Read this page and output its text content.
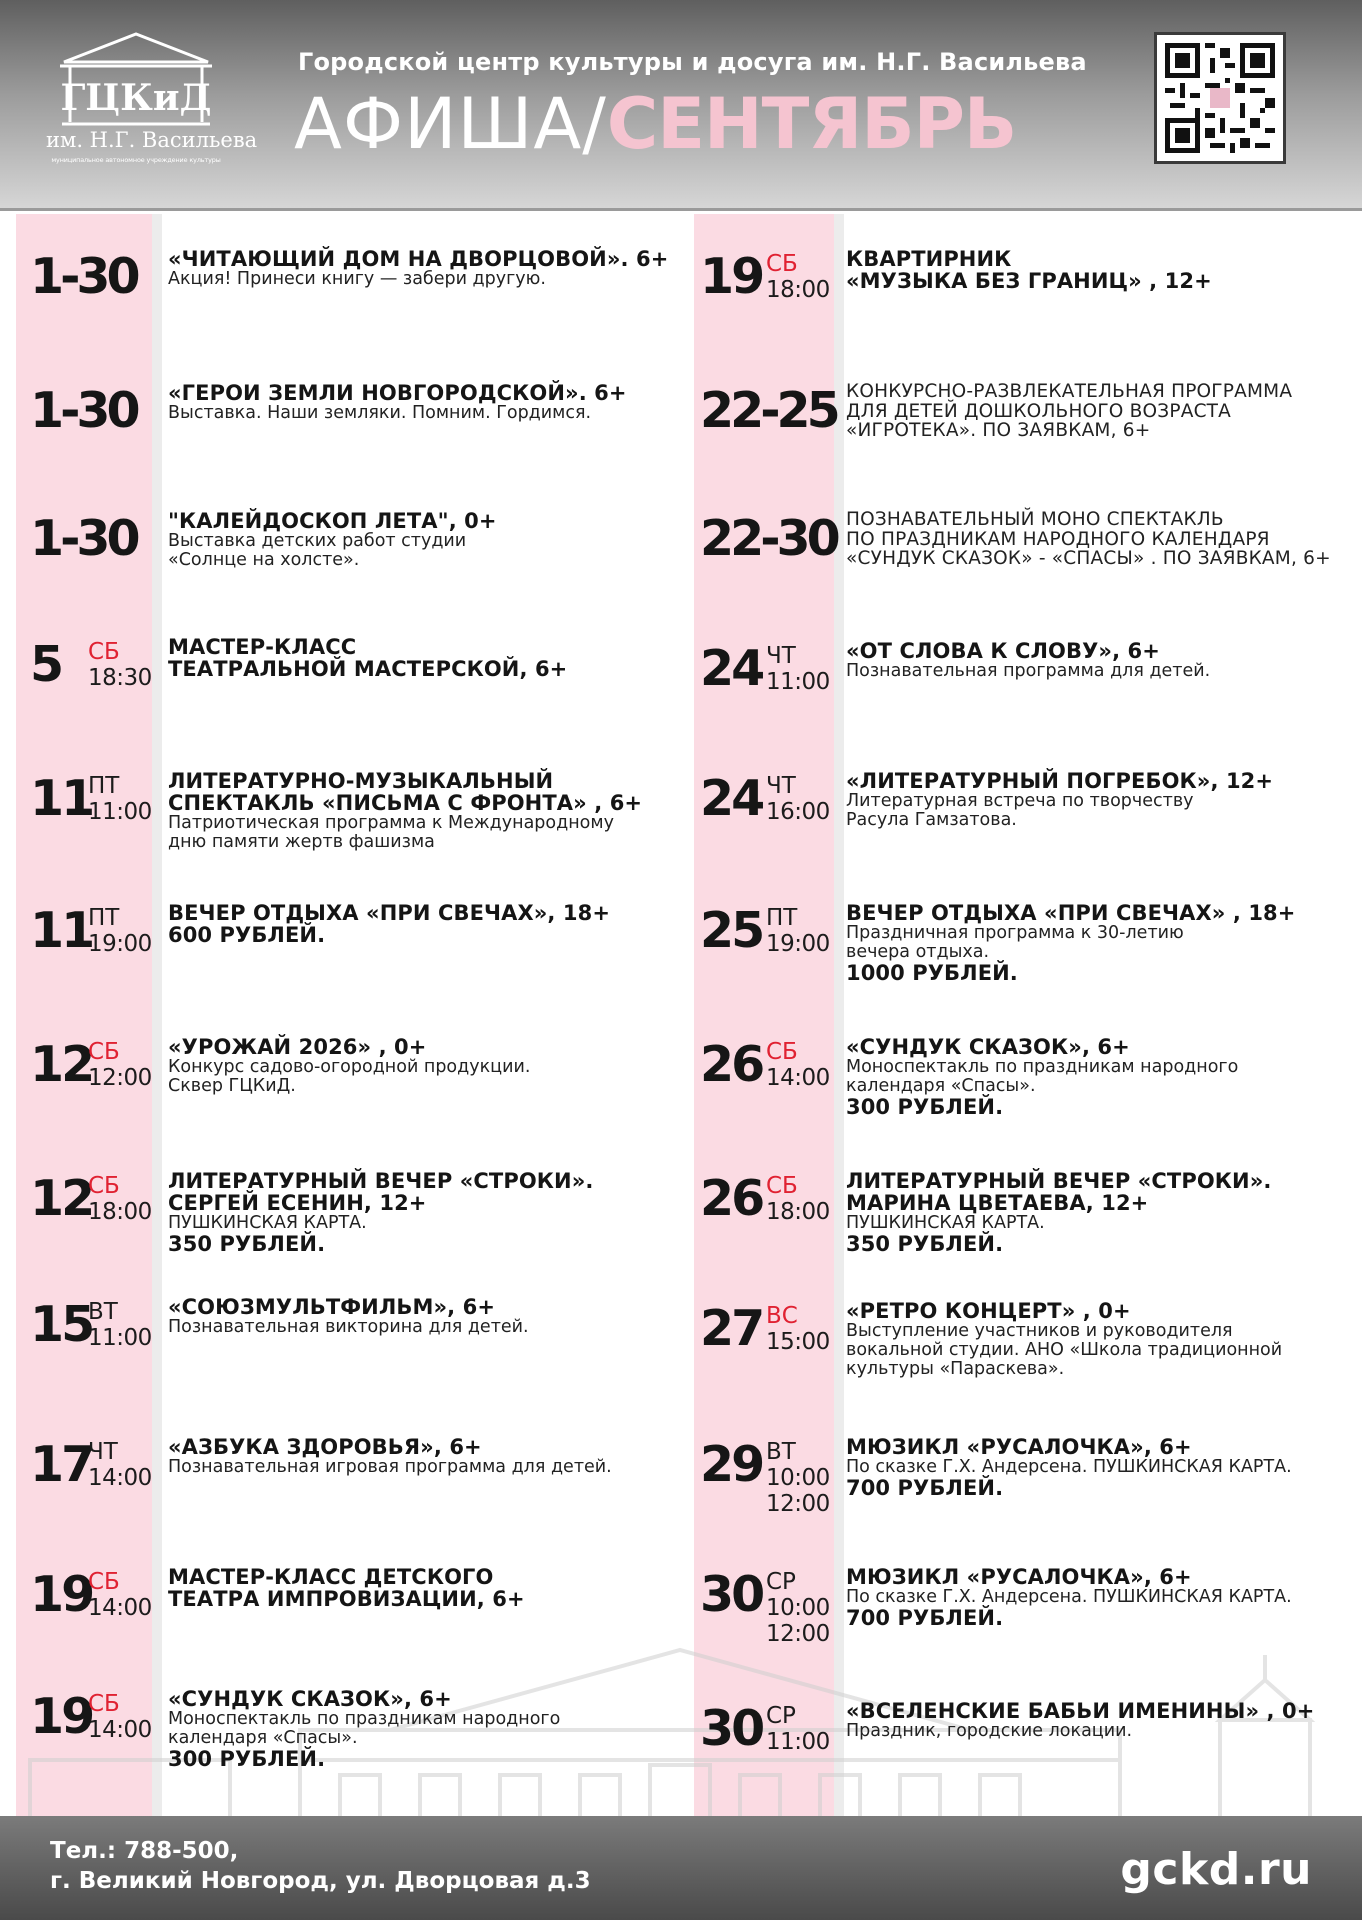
ГЦКиД
им. Н.Г. Васильева
муниципальное автономное учреждение культуры
Городской центр культуры и досуга им. Н.Г. Васильева
АФИША/СЕНТЯБРЬ
1-30 «ЧИТАЮЩИЙ ДОМ НА ДВОРЦОВОЙ». 6+
Акция! Принеси книгу — забери другую.
1-30 «ГЕРОИ ЗЕМЛИ НОВГОРОДСКОЙ». 6+
Выставка. Наши земляки. Помним. Гордимся.
1-30 "КАЛЕЙДОСКОП ЛЕТА", 0+
Выставка детских работ студии
«Солнце на холсте».
5 СБ
18:30
МАСТЕР-КЛАСС
ТЕАТРАЛЬНОЙ МАСТЕРСКОЙ, 6+
11
ПТ
11:00
ЛИТЕРАТУРНО-МУЗЫКАЛЬНЫЙ
СПЕКТАКЛЬ «ПИСЬМА С ФРОНТА» , 6+
Патриотическая программа к Международному
дню памяти жертв фашизма
11
ПТ
19:00
ВЕЧЕР ОТДЫХА «ПРИ СВЕЧАХ», 18+
600 РУБЛЕЙ.
12
СБ
12:00
«УРОЖАЙ 2026» , 0+
Конкурс садово-огородной продукции.
Сквер ГЦКиД.
12
СБ
18:00
ЛИТЕРАТУРНЫЙ ВЕЧЕР «СТРОКИ».
СЕРГЕЙ ЕСЕНИН, 12+
ПУШКИНСКАЯ КАРТА.
350 РУБЛЕЙ.
15
ВТ
11:00
«СОЮЗМУЛЬТФИЛЬМ», 6+
Познавательная викторина для детей.
17
ЧТ
14:00
«АЗБУКА ЗДОРОВЬЯ», 6+
Познавательная игровая программа для детей.
19
СБ
14:00
МАСТЕР-КЛАСС ДЕТСКОГО
ТЕАТРА ИМПРОВИЗАЦИИ, 6+
19
СБ
14:00
«СУНДУК СКАЗОК», 6+
Моноспектакль по праздникам народного
календаря «Спасы».
300 РУБЛЕЙ.
19 СБ
18:00
КВАРТИРНИК
«МУЗЫКА БЕЗ ГРАНИЦ» , 12+
22-25 КОНКУРСНО-РАЗВЛЕКАТЕЛЬНАЯ ПРОГРАММА
ДЛЯ ДЕТЕЙ ДОШКОЛЬНОГО ВОЗРАСТА
«ИГРОТЕКА». ПО ЗАЯВКАМ, 6+
22-30 ПОЗНАВАТЕЛЬНЫЙ МОНО СПЕКТАКЛЬ
ПО ПРАЗДНИКАМ НАРОДНОГО КАЛЕНДАРЯ
«СУНДУК СКАЗОК» - «СПАСЫ» . ПО ЗАЯВКАМ, 6+
24 ЧТ
11:00
«ОТ СЛОВА К СЛОВУ», 6+
Познавательная программа для детей.
24 ЧТ
16:00
«ЛИТЕРАТУРНЫЙ ПОГРЕБОК», 12+
Литературная встреча по творчеству
Расула Гамзатова.
25 ПТ
19:00
ВЕЧЕР ОТДЫХА «ПРИ СВЕЧАХ» , 18+
Праздничная программа к 30-летию
вечера отдыха.
1000 РУБЛЕЙ.
26 СБ
14:00
«СУНДУК СКАЗОК», 6+
Моноспектакль по праздникам народного
календаря «Спасы».
300 РУБЛЕЙ.
26 СБ
18:00
ЛИТЕРАТУРНЫЙ ВЕЧЕР «СТРОКИ».
МАРИНА ЦВЕТАЕВА, 12+
ПУШКИНСКАЯ КАРТА.
350 РУБЛЕЙ.
27 ВС
15:00
«РЕТРО КОНЦЕРТ» , 0+
Выступление участников и руководителя
вокальной студии. АНО «Школа традиционной
культуры «Параскева».
29 ВТ
10:00
12:00
МЮЗИКЛ «РУСАЛОЧКА», 6+
По сказке Г.Х. Андерсена. ПУШКИНСКАЯ КАРТА.
700 РУБЛЕЙ.
30 СР
10:00
12:00
МЮЗИКЛ «РУСАЛОЧКА», 6+
По сказке Г.Х. Андерсена. ПУШКИНСКАЯ КАРТА.
700 РУБЛЕЙ.
30 СР
11:00
«ВСЕЛЕНСКИЕ БАБЬИ ИМЕНИНЫ» , 0+
Праздник, городские локации.
Тел.: 788-500,
г. Великий Новгород, ул. Дворцовая д.3	gckd.ru
